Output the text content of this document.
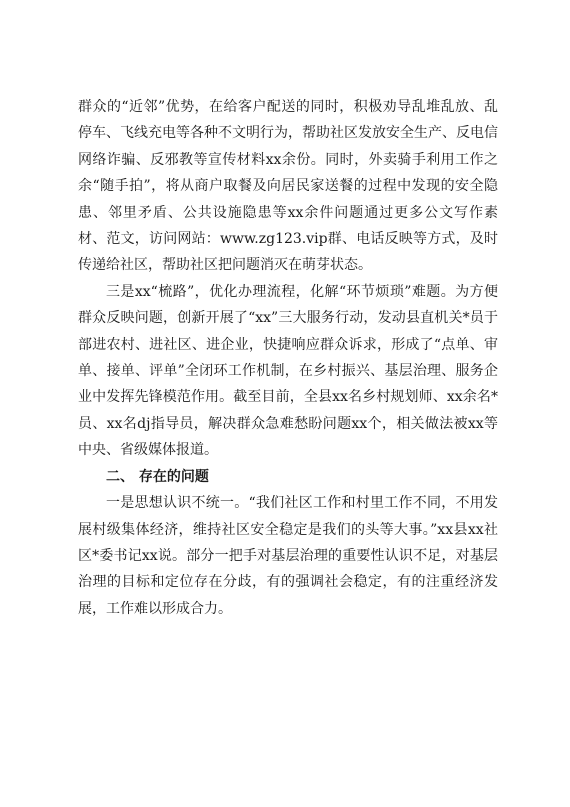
群众的“近邻”优势，在给客户配送的同时，积极劝导乱堆乱放、乱停车、飞线充电等各种不文明行为，帮助社区发放安全生产、反电信网络诈骗、反邪教等宣传材料xx余份。同时，外卖骑手利用工作之余“随手拍”，将从商户取餐及向居民家送餐的过程中发现的安全隐患、邻里矛盾、公共设施隐患等xx余件问题通过更多公文写作素材、范文，访问网站：www.zg123.vip群、电话反映等方式，及时传递给社区，帮助社区把问题消灭在萌芽状态。

三是xx“梳路”，优化办理流程，化解“环节烦琐”难题。为方便群众反映问题，创新开展了“xx”三大服务行动，发动县直机关*员于部进农村、进社区、进企业，快捷响应群众诉求，形成了“点单、审单、接单、评单”全闭环工作机制，在乡村振兴、基层治理、服务企业中发挥先锋模范作用。截至目前，全县xx名乡村规划师、xx余名*员、xx名dj指导员，解决群众急难愁盼问题xx个，相关做法被xx等中央、省级媒体报道。

二、 存在的问题

一是思想认识不统一。“我们社区工作和村里工作不同，不用发展村级集体经济，维持社区安全稳定是我们的头等大事。”xx县xx社区*委书记xx说。部分一把手对基层治理的重要性认识不足，对基层治理的目标和定位存在分歧，有的强调社会稳定，有的注重经济发展，工作难以形成合力。
